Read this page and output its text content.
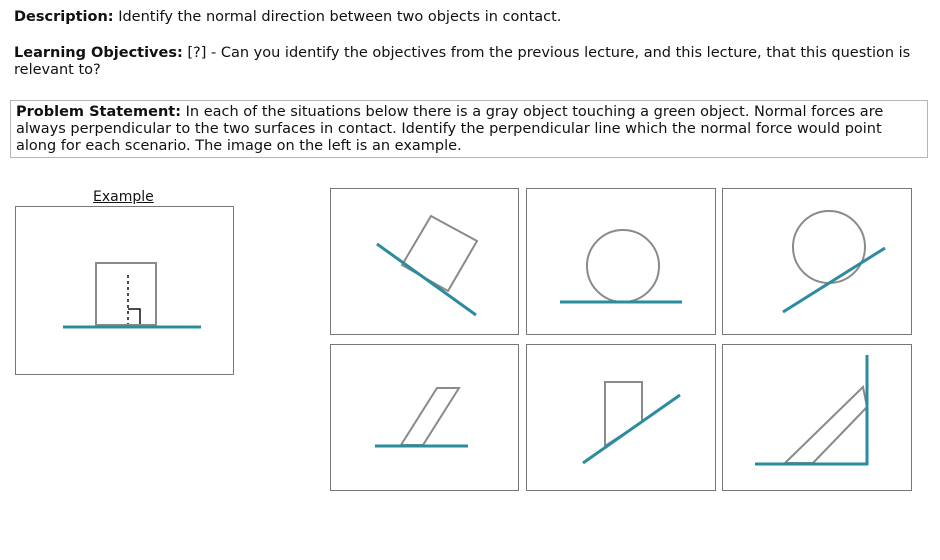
Description: Identify the normal direction between two objects in contact.
Learning Objectives: [?] - Can you identify the objectives from the previous lecture, and this lecture, that this question is relevant to?
Problem Statement: In each of the situations below there is a gray object touching a green object. Normal forces are always perpendicular to the two surfaces in contact. Identify the perpendicular line which the normal force would point along for each scenario. The image on the left is an example.
Example
